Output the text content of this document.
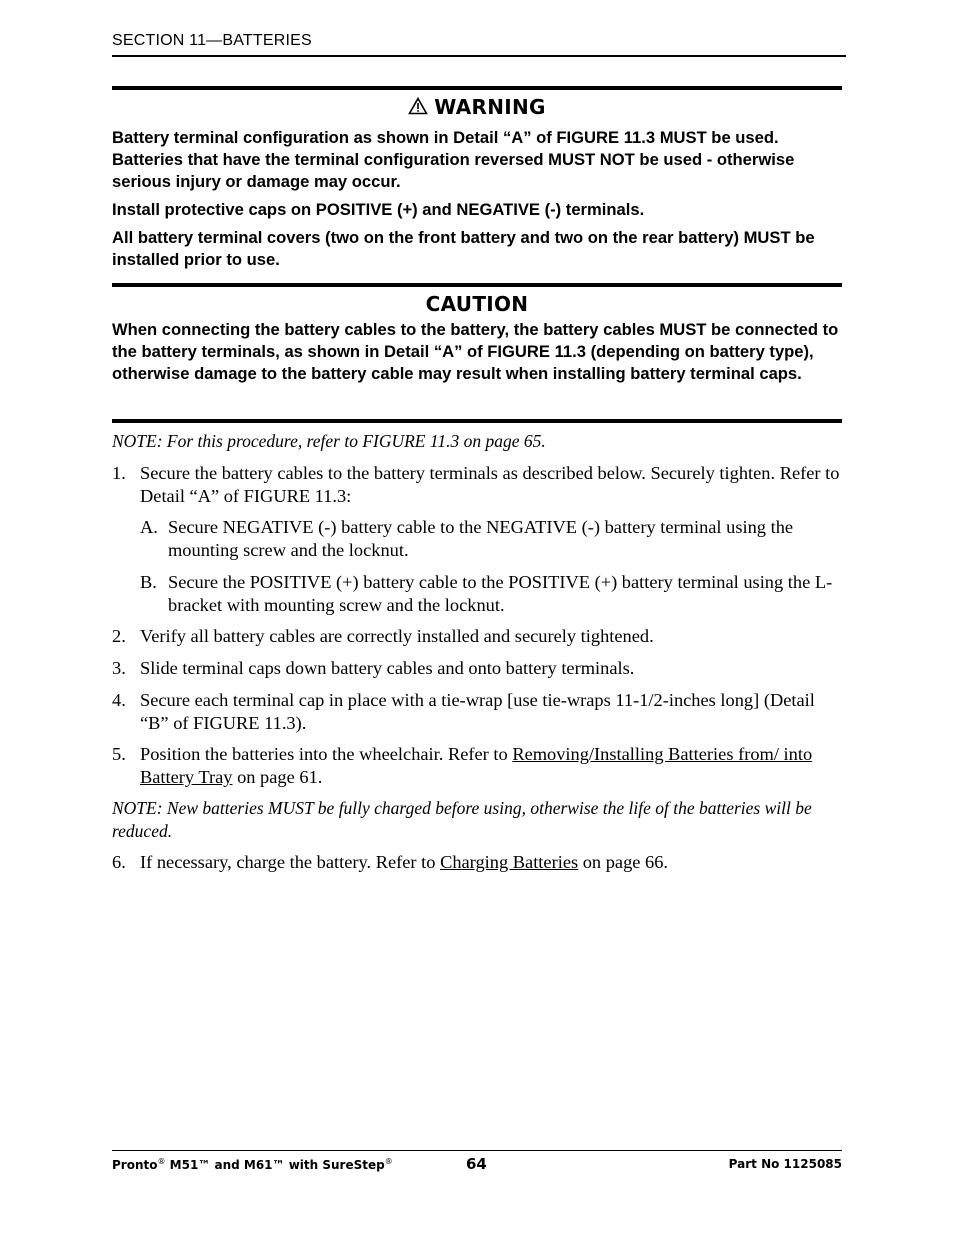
SECTION 11—BATTERIES
WARNING
Battery terminal configuration as shown in Detail “A” of FIGURE 11.3 MUST be used. Batteries that have the terminal configuration reversed MUST NOT be used - otherwise serious injury or damage may occur.
Install protective caps on POSITIVE (+) and NEGATIVE (-) terminals.
All battery terminal covers (two on the front battery and two on the rear battery) MUST be installed prior to use.
CAUTION
When connecting the battery cables to the battery, the battery cables MUST be connected to the battery terminals, as shown in Detail “A” of FIGURE 11.3 (depending on battery type), otherwise damage to the battery cable may result when installing battery terminal caps.
NOTE: For this procedure, refer to FIGURE 11.3 on page 65.
1. Secure the battery cables to the battery terminals as described below. Securely tighten. Refer to Detail “A” of FIGURE 11.3:
A. Secure NEGATIVE (-) battery cable to the NEGATIVE (-) battery terminal using the mounting screw and the locknut.
B. Secure the POSITIVE (+) battery cable to the POSITIVE (+) battery terminal using the L-bracket with mounting screw and the locknut.
2. Verify all battery cables are correctly installed and securely tightened.
3. Slide terminal caps down battery cables and onto battery terminals.
4. Secure each terminal cap in place with a tie-wrap [use tie-wraps 11-1/2-inches long] (Detail “B” of FIGURE 11.3).
5. Position the batteries into the wheelchair. Refer to Removing/Installing Batteries from/ into Battery Tray on page 61.
NOTE: New batteries MUST be fully charged before using, otherwise the life of the batteries will be reduced.
6. If necessary, charge the battery. Refer to Charging Batteries on page 66.
Pronto® M51™ and M61™ with SureStep®	64	Part No 1125085
